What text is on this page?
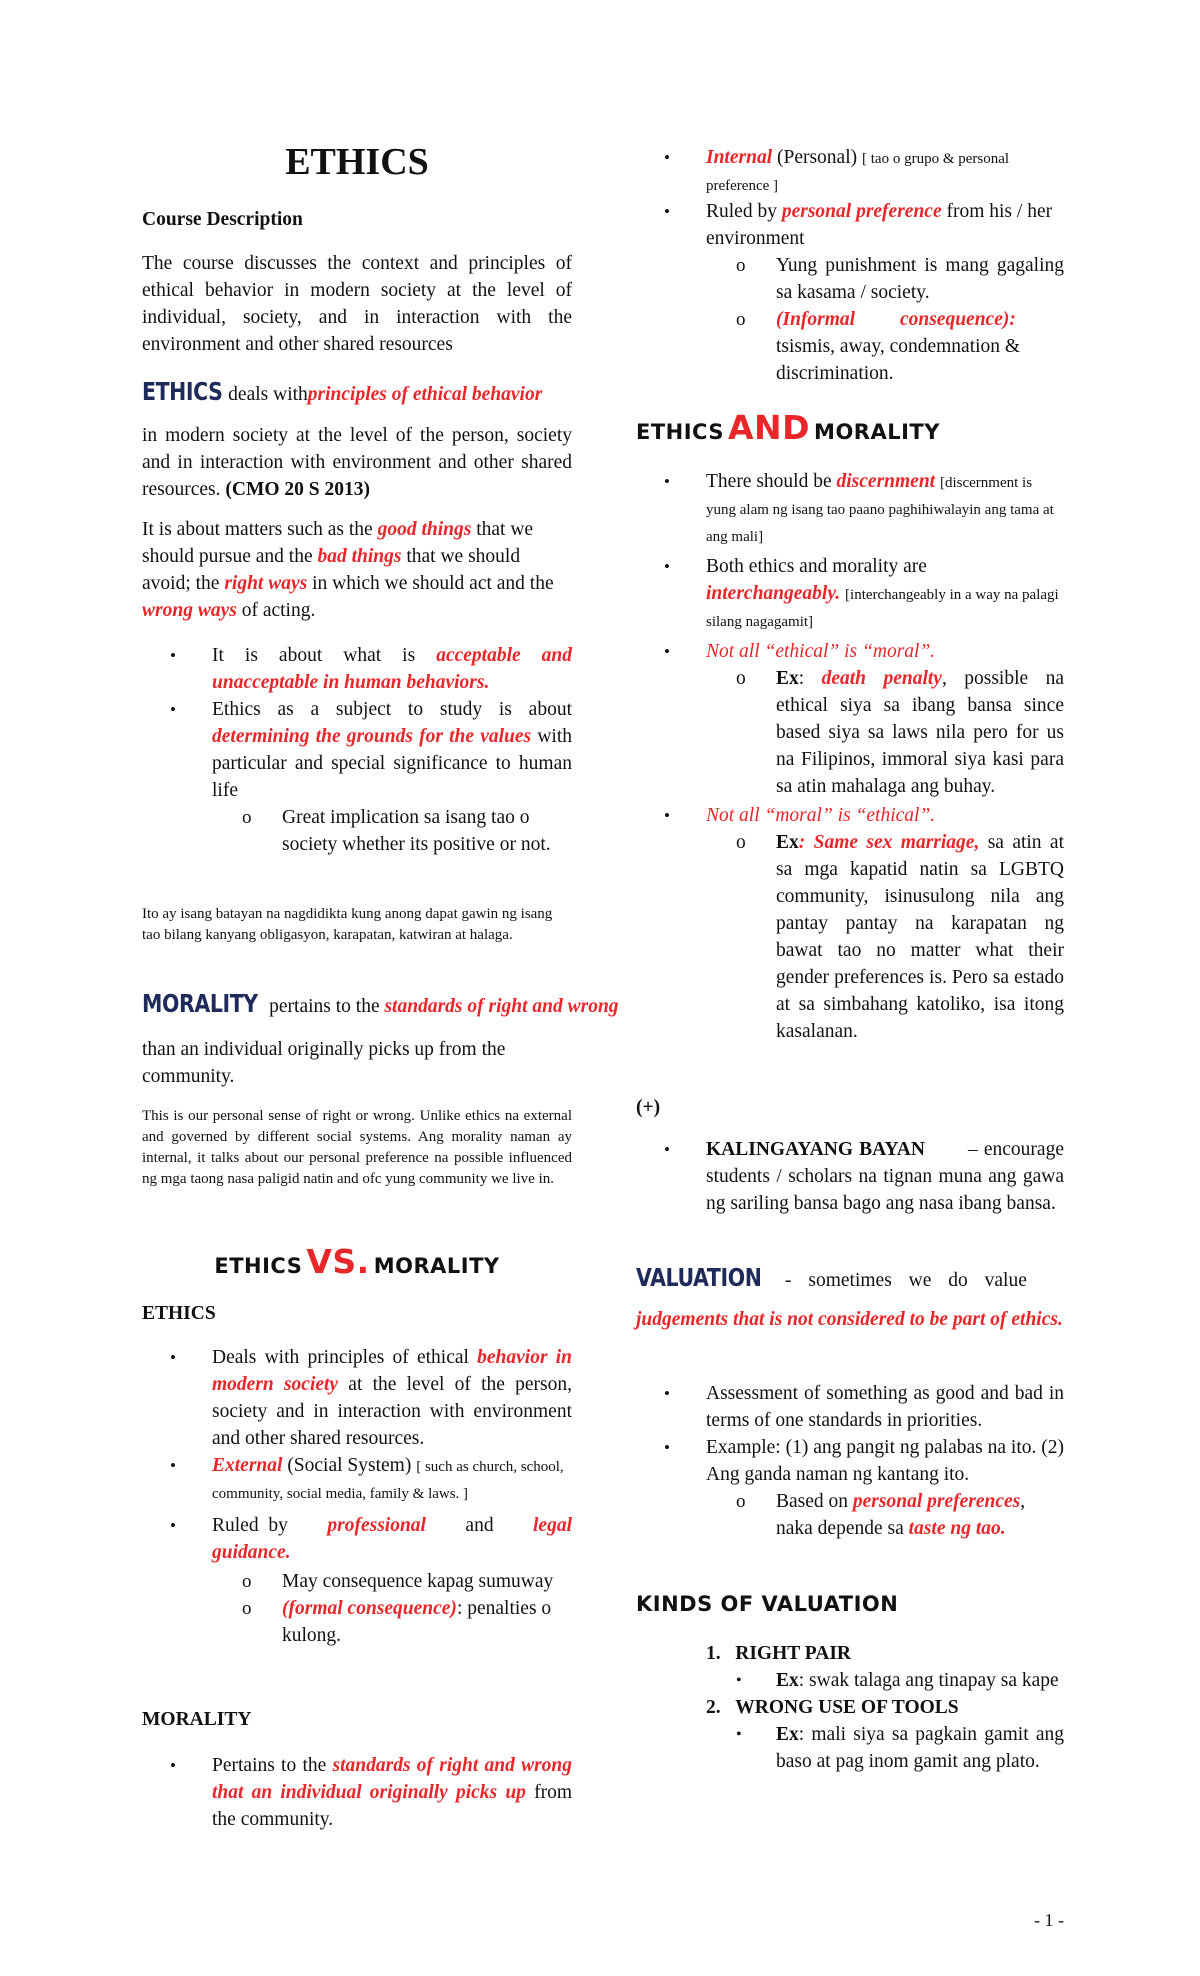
ETHICS

Course Description

The course discusses the context and principles of ethical behavior in modern society at the level of individual, society, and in interaction with the environment and other shared resources

ETHICS deals withprinciples of ethical behavior

in modern society at the level of the person, society and in interaction with environment and other shared resources. (CMO 20 S 2013)

It is about matters such as the good things that we should pursue and the bad things that we should avoid; the right ways in which we should act and the wrong ways of acting.

• It is about what is acceptable and unacceptable in human behaviors.
• Ethics as a subject to study is about determining the grounds for the values with particular and special significance to human life
o Great implication sa isang tao o society whether its positive or not.

Ito ay isang batayan na nagdidikta kung anong dapat gawin ng isang tao bilang kanyang obligasyon, karapatan, katwiran at halaga.

MORALITY pertains to the standards of right and wrong

than an individual originally picks up from the community.

This is our personal sense of right or wrong. Unlike ethics na external and governed by different social systems. Ang morality naman ay internal, it talks about our personal preference na possible influenced ng mga taong nasa paligid natin and ofc yung community we live in.

ETHICS VS. MORALITY

ETHICS

• Deals with principles of ethical behavior in modern society at the level of the person, society and in interaction with environment and other shared resources.
• External (Social System) [ such as church, school, community, social media, family & laws. ]
• Ruled by professional and legal guidance.
o May consequence kapag sumuway
o (formal consequence): penalties o kulong.

MORALITY

• Pertains to the standards of right and wrong that an individual originally picks up from the community.
• Internal (Personal) [ tao o grupo & personal preference ]
• Ruled by personal preference from his / her environment
o Yung punishment is mang gagaling sa kasama / society.
o (Informal consequence): tsismis, away, condemnation & discrimination.
ETHICS AND MORALITY
• There should be discernment [discernment is yung alam ng isang tao paano paghihiwalayin ang tama at ang mali]
• Both ethics and morality are interchangeably. [interchangeably in a way na palagi silang nagagamit]
• Not all “ethical” is “moral”.
o Ex: death penalty, possible na ethical siya sa ibang bansa since based siya sa laws nila pero for us na Filipinos, immoral siya kasi para sa atin mahalaga ang buhay.
• Not all “moral” is “ethical”.
o Ex: Same sex marriage, sa atin at sa mga kapatid natin sa LGBTQ community, isinusulong nila ang pantay pantay na karapatan ng bawat tao no matter what their gender preferences is. Pero sa estado at sa simbahang katoliko, isa itong kasalanan.

(+)

• KALINGAYANG BAYAN – encourage students / scholars na tignan muna ang gawa ng sariling bansa bago ang nasa ibang bansa.
VALUATION - sometimes we do value

judgements that is not considered to be part of ethics.

• Assessment of something as good and bad in terms of one standards in priorities.
• Example: (1) ang pangit ng palabas na ito. (2) Ang ganda naman ng kantang ito.
o Based on personal preferences, naka depende sa taste ng tao.

KINDS OF VALUATION

1.   RIGHT PAIR
• Ex: swak talaga ang tinapay sa kape
2.   WRONG USE OF TOOLS
• Ex: mali siya sa pagkain gamit ang baso at pag inom gamit ang plato.
- 1 -
